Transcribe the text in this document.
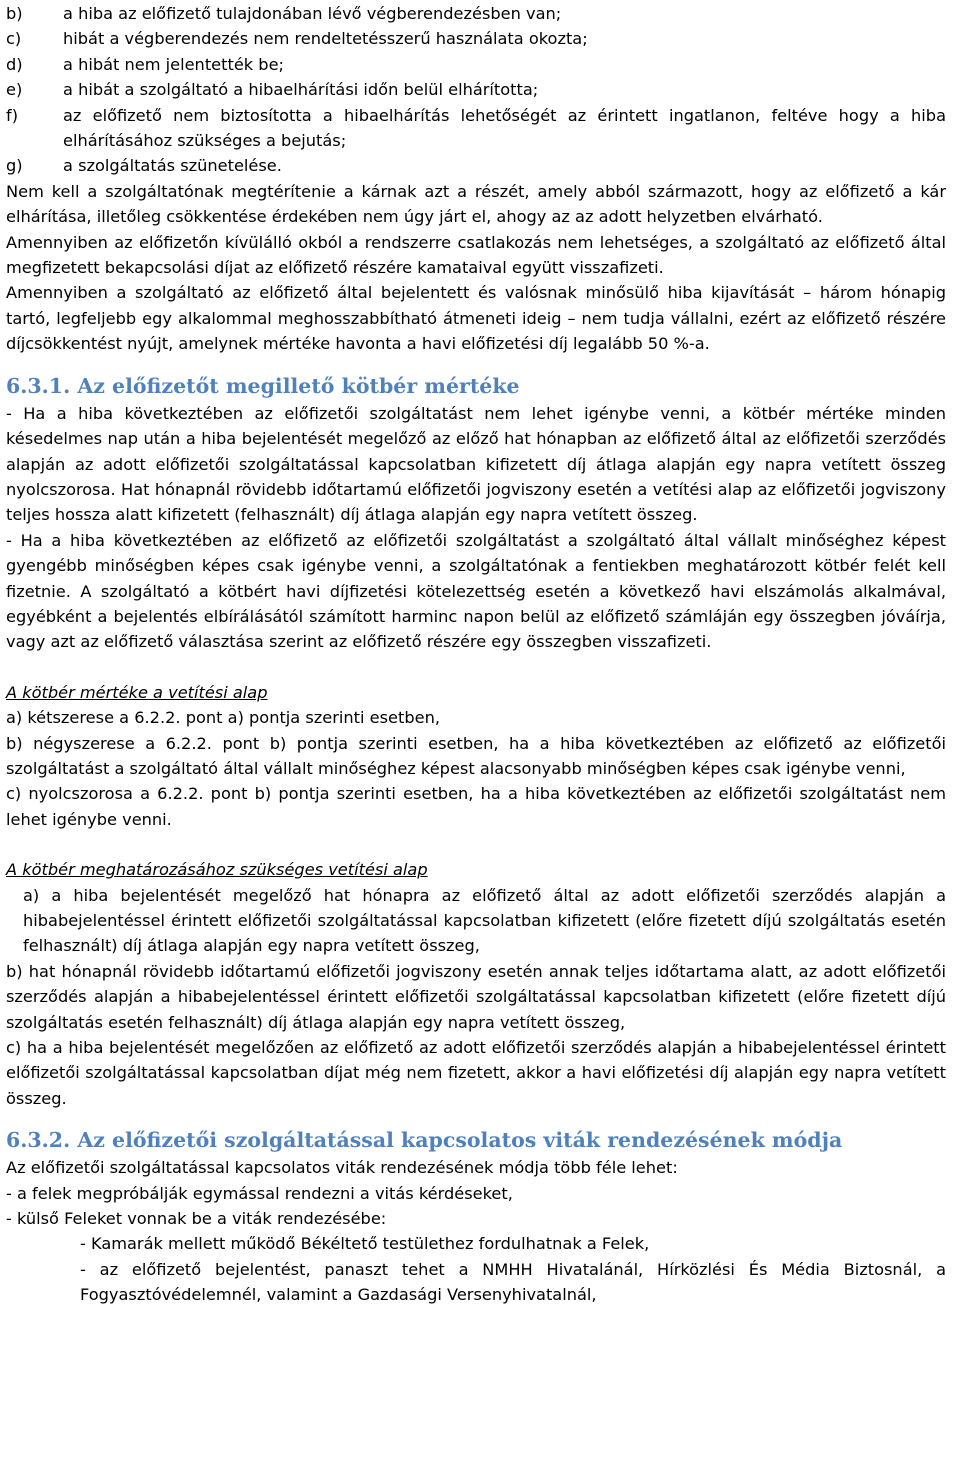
b)	a hiba az előfizető tulajdonában lévő végberendezésben van;
c)	hibát a végberendezés nem rendeltetésszerű használata okozta;
d)	a hibát nem jelentették be;
e)	a hibát a szolgáltató a hibaelhárítási időn belül elhárította;
f)	az előfizető nem biztosította a hibaelhárítás lehetőségét az érintett ingatlanon, feltéve hogy a hiba elhárításához szükséges a bejutás;
g)	a szolgáltatás szünetelése.

Nem kell a szolgáltatónak megtérítenie a kárnak azt a részét, amely abból származott, hogy az előfizető a kár elhárítása, illetőleg csökkentése érdekében nem úgy járt el, ahogy az az adott helyzetben elvárható.

Amennyiben az előfizetőn kívülálló okból a rendszerre csatlakozás nem lehetséges, a szolgáltató az előfizető által megfizetett bekapcsolási díjat az előfizető részére kamataival együtt visszafizeti.

Amennyiben a szolgáltató az előfizető által bejelentett és valósnak minősülő hiba kijavítását – három hónapig tartó, legfeljebb egy alkalommal meghosszabbítható átmeneti ideig – nem tudja vállalni, ezért az előfizető részére díjcsökkentést nyújt, amelynek mértéke havonta a havi előfizetési díj legalább 50 %-a.

6.3.1. Az előfizetőt megillető kötbér mértéke

- Ha a hiba következtében az előfizetői szolgáltatást nem lehet igénybe venni, a kötbér mértéke minden késedelmes nap után a hiba bejelentését megelőző az előző hat hónapban az előfizető által az előfizetői szerződés alapján az adott előfizetői szolgáltatással kapcsolatban kifizetett díj átlaga alapján egy napra vetített összeg nyolcszorosa. Hat hónapnál rövidebb időtartamú előfizetői jogviszony esetén a vetítési alap az előfizetői jogviszony teljes hossza alatt kifizetett (felhasznált) díj átlaga alapján egy napra vetített összeg.

- Ha a hiba következtében az előfizető az előfizetői szolgáltatást a szolgáltató által vállalt minőséghez képest gyengébb minőségben képes csak igénybe venni, a szolgáltatónak a fentiekben meghatározott kötbér felét kell fizetnie. A szolgáltató a kötbért havi díjfizetési kötelezettség esetén a következő havi elszámolás alkalmával, egyébként a bejelentés elbírálásától számított harminc napon belül az előfizető számláján egy összegben jóváírja, vagy azt az előfizető választása szerint az előfizető részére egy összegben visszafizeti.

A kötbér mértéke a vetítési alap

a) kétszerese a 6.2.2. pont a) pontja szerinti esetben,

b) négyszerese a 6.2.2. pont b) pontja szerinti esetben, ha a hiba következtében az előfizető az előfizetői szolgáltatást a szolgáltató által vállalt minőséghez képest alacsonyabb minőségben képes csak igénybe venni,

c) nyolcszorosa a 6.2.2. pont b) pontja szerinti esetben, ha a hiba következtében az előfizetői szolgáltatást nem lehet igénybe venni.

A kötbér meghatározásához szükséges vetítési alap

a) a hiba bejelentését megelőző hat hónapra az előfizető által az adott előfizetői szerződés alapján a hibabejelentéssel érintett előfizetői szolgáltatással kapcsolatban kifizetett (előre fizetett díjú szolgáltatás esetén felhasznált) díj átlaga alapján egy napra vetített összeg,

b) hat hónapnál rövidebb időtartamú előfizetői jogviszony esetén annak teljes időtartama alatt, az adott előfizetői szerződés alapján a hibabejelentéssel érintett előfizetői szolgáltatással kapcsolatban kifizetett (előre fizetett díjú szolgáltatás esetén felhasznált) díj átlaga alapján egy napra vetített összeg,

c) ha a hiba bejelentését megelőzően az előfizető az adott előfizetői szerződés alapján a hibabejelentéssel érintett előfizetői szolgáltatással kapcsolatban díjat még nem fizetett, akkor a havi előfizetési díj alapján egy napra vetített összeg.

6.3.2. Az előfizetői szolgáltatással kapcsolatos viták rendezésének módja

Az előfizetői szolgáltatással kapcsolatos viták rendezésének módja több féle lehet:

- a felek megpróbálják egymással rendezni a vitás kérdéseket,

- külső Feleket vonnak be a viták rendezésébe:

- Kamarák mellett működő Békéltető testülethez fordulhatnak a Felek,

- az előfizető bejelentést, panaszt tehet a NMHH Hivatalánál, Hírközlési És Média Biztosnál, a Fogyasztóvédelemnél, valamint a Gazdasági Versenyhivatalnál,
